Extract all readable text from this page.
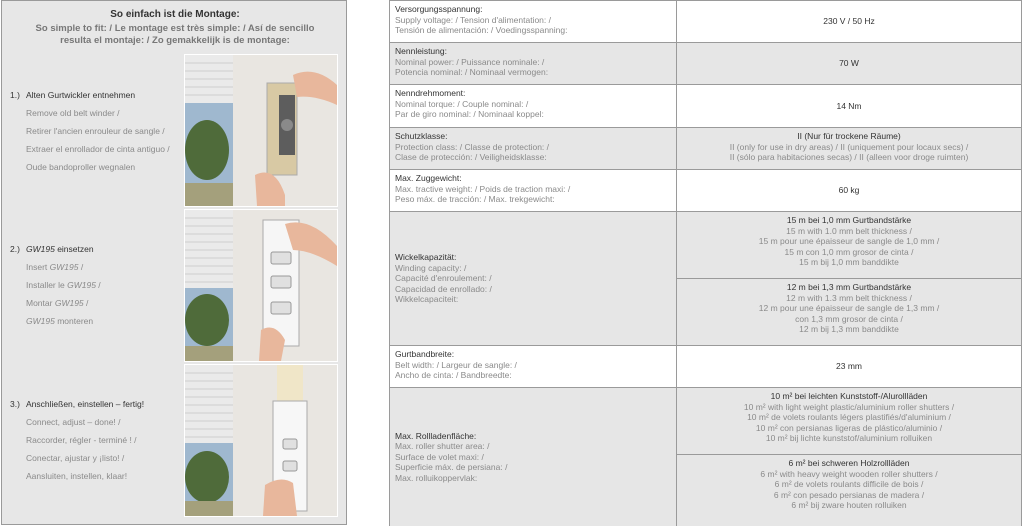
So einfach ist die Montage:
So simple to fit: / Le montage est très simple: / Así de sencillo
resulta el montaje: / Zo gemakkelijk is de montage:
1.) Alten Gurtwickler entnehmen
Remove old belt winder /
Retirer l'ancien enrouleur de sangle /
Extraer el enrollador de cinta antiguo /
Oude bandoproller wegnalen
2.) GW195 einsetzen
Insert GW195 /
Installer le GW195 /
Montar GW195 /
GW195 monteren
3.) Anschließen, einstellen – fertig!
Connect, adjust – done! /
Raccorder, régler - terminé ! /
Conectar, ajustar y ¡listo! /
Aansluiten, instellen, klaar!
Versorgungsspannung:
Supply voltage: / Tension d'alimentation: /
Tensión de alimentación: / Voedingsspanning:
230 V / 50 Hz
Nennleistung:
Nominal power: / Puissance nominale: /
Potencia nominal: / Nominaal vermogen:
70 W
Nenndrehmoment:
Nominal torque: / Couple nominal: /
Par de giro nominal: / Nominaal koppel:
14 Nm
Schutzklasse:
Protection class: / Classe de protection: /
Clase de protección: / Veiligheidsklasse:
II (Nur für trockene Räume)
II (only for use in dry areas) / II (uniquement pour locaux secs) /
II (sólo para habitaciones secas) / II (alleen voor droge ruimten)
Max. Zuggewicht:
Max. tractive weight: / Poids de traction maxi: /
Peso máx. de tracción: / Max. trekgewicht:
60 kg
Wickelkapazität:
Winding capacity: /
Capacité d'enroulement: /
Capacidad de enrollado: /
Wikkelcapaciteit:
15 m bei 1,0 mm Gurtbandstärke
15 m with 1.0 mm belt thickness /
15 m pour une épaisseur de sangle de 1,0 mm /
15 m con 1,0 mm grosor de cinta /
15 m bij 1,0 mm banddikte
12 m bei 1,3 mm Gurtbandstärke
12 m with 1.3 mm belt thickness /
12 m pour une épaisseur de sangle de 1,3 mm /
con 1,3 mm grosor de cinta /
12 m bij 1,3 mm banddikte
Gurtbandbreite:
Belt width: / Largeur de sangle: /
Ancho de cinta: / Bandbreedte:
23 mm
Max. Rollladenfläche:
Max. roller shutter area: /
Surface de volet maxi: /
Superficie máx. de persiana: /
Max. rolluikoppervlak:
10 m² bei leichten Kunststoff-/Alurollläden
10 m² with light weight plastic/aluminium roller shutters /
10 m² de volets roulants légers plastifiés/d'aluminium /
10 m² con persianas ligeras de plástico/aluminio /
10 m² bij lichte kunststof/aluminium rolluiken
6 m² bei schweren Holzrollläden
6 m² with heavy weight wooden roller shutters /
6 m² de volets roulants difficile de bois /
6 m² con pesado persianas de madera /
6 m² bij zware houten rolluiken
